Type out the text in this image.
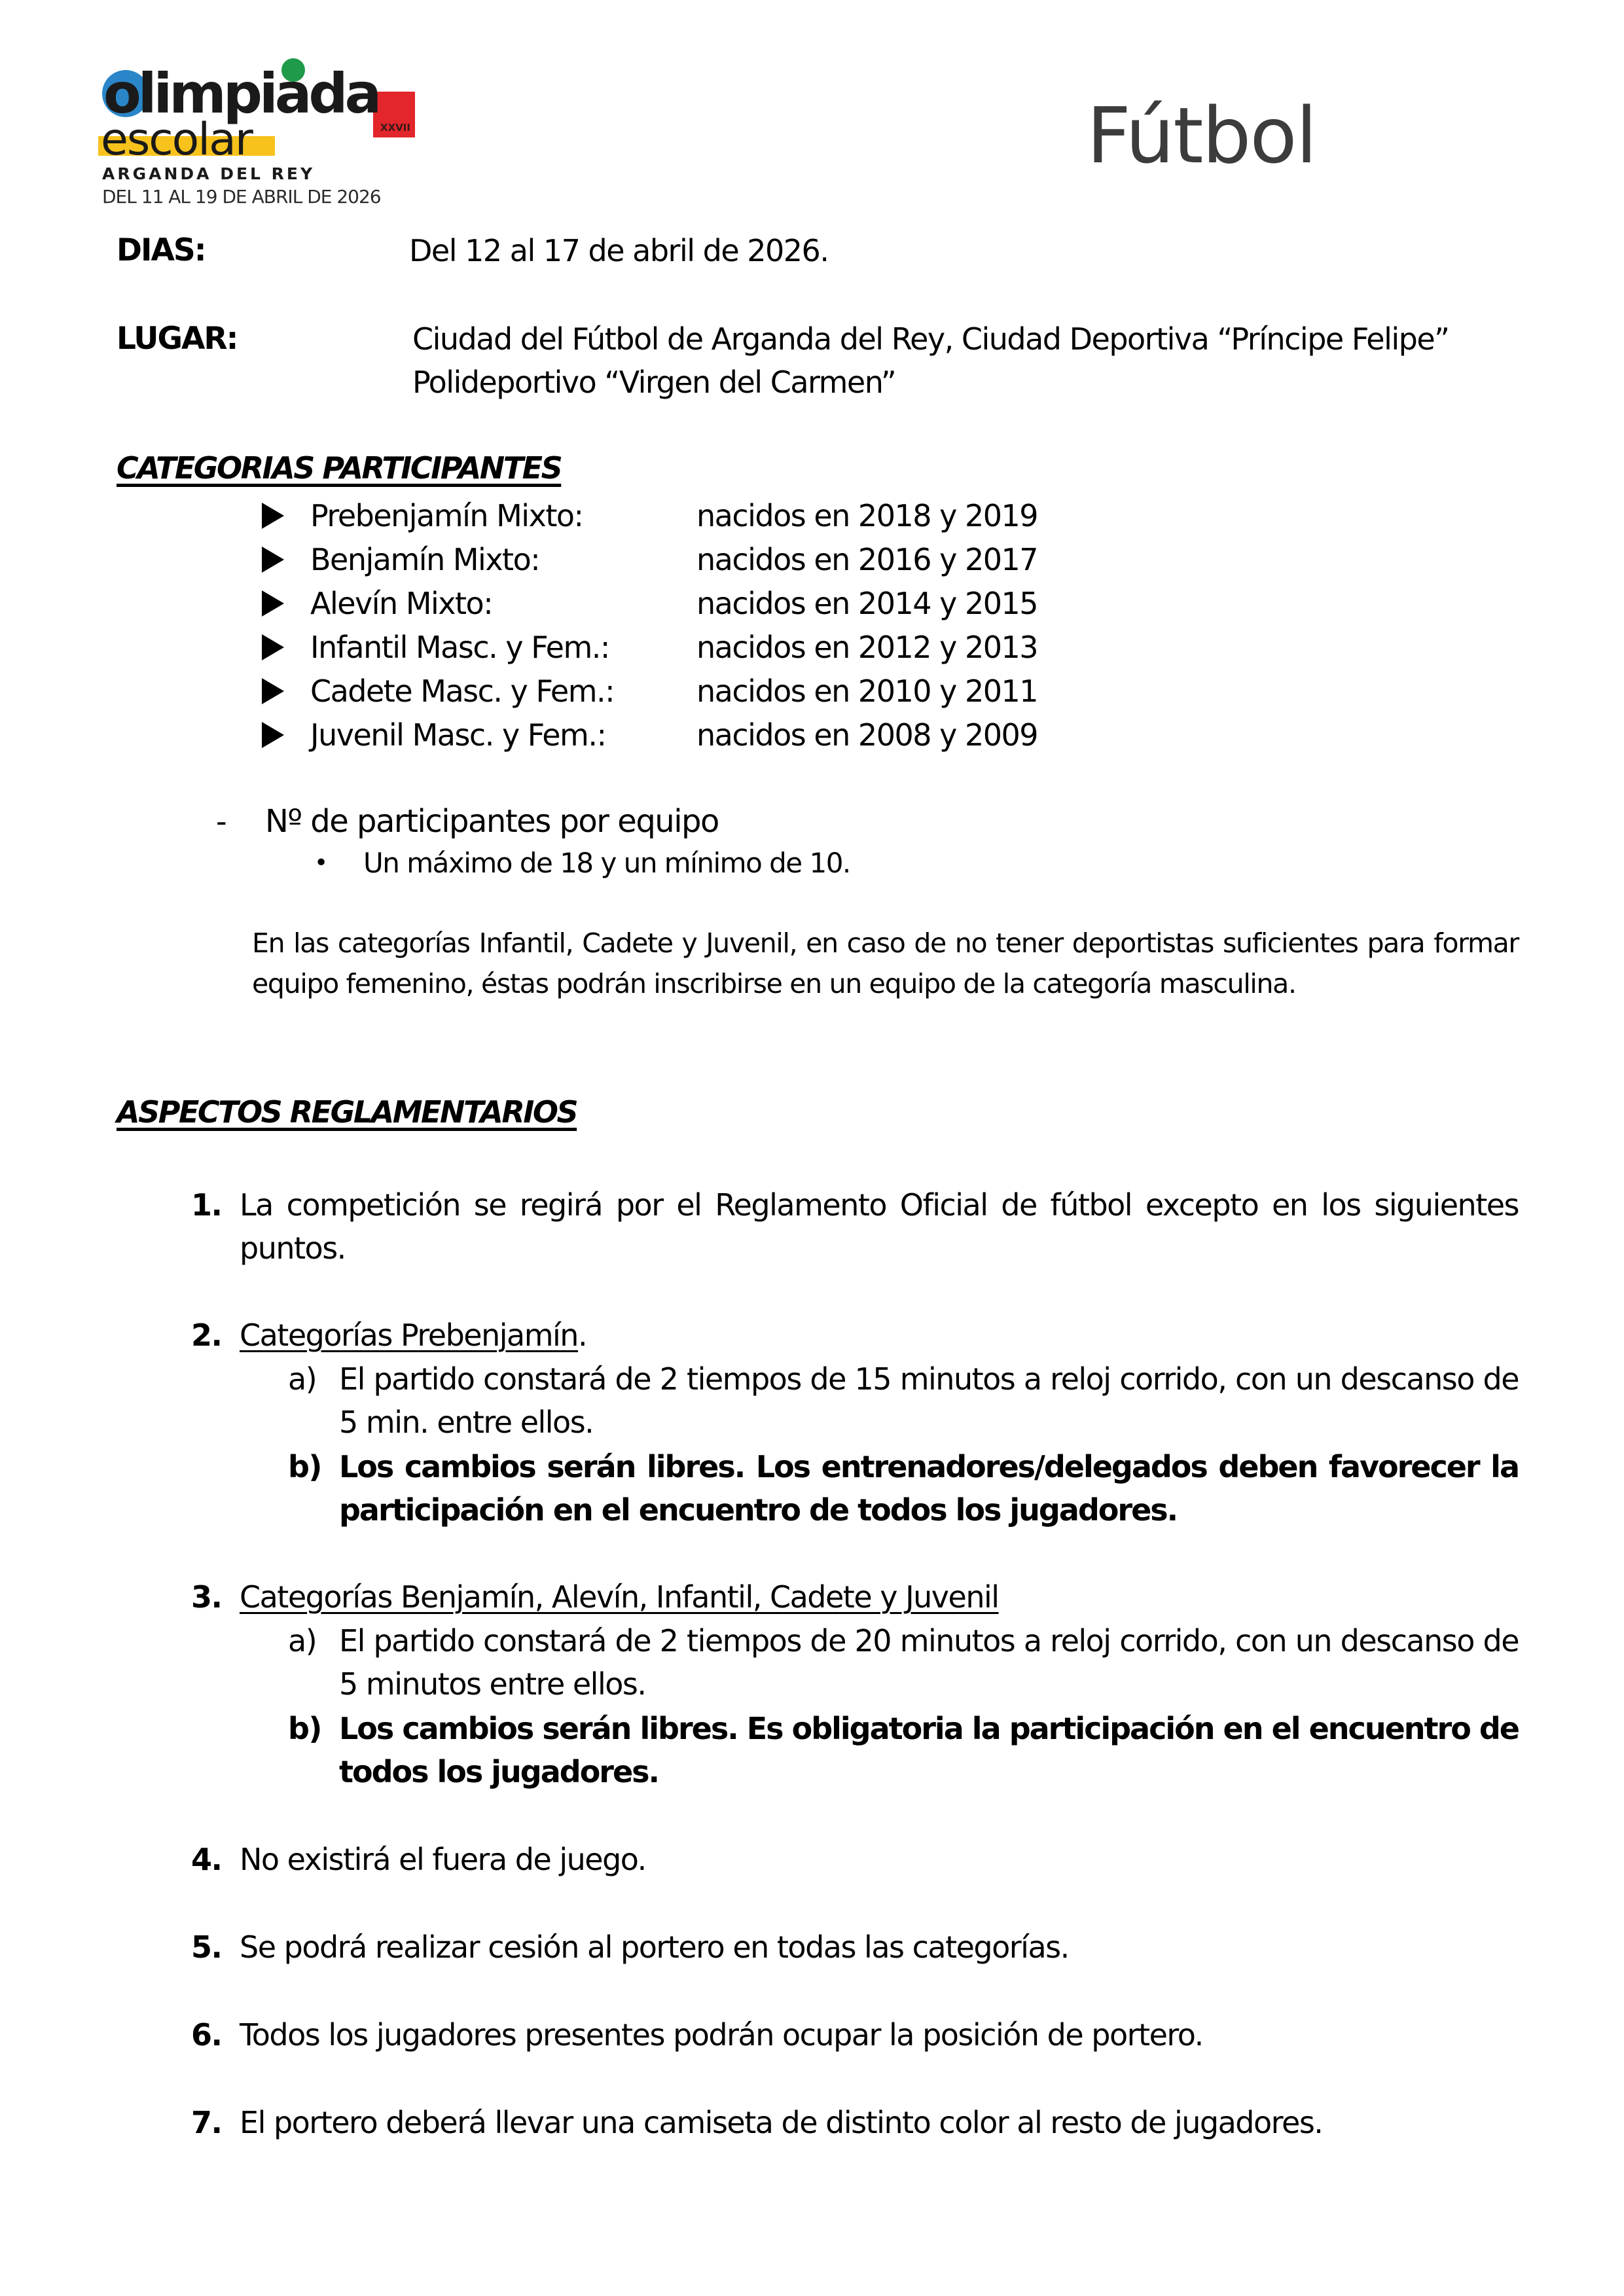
olimpiada
XXVII
escolar
ARGANDA DEL REY
DEL 11 AL 19 DE ABRIL DE 2026
Fútbol
DIAS:	Del 12 al 17 de abril de 2026.
LUGAR:	Ciudad del Fútbol de Arganda del Rey, Ciudad Deportiva “Príncipe Felipe”
Polideportivo “Virgen del Carmen”
CATEGORIAS PARTICIPANTES
Prebenjamín Mixto:	nacidos en 2018 y 2019
Benjamín Mixto:	nacidos en 2016 y 2017
Alevín Mixto:	nacidos en 2014 y 2015
Infantil Masc. y Fem.:	nacidos en 2012 y 2013
Cadete Masc. y Fem.:	nacidos en 2010 y 2011
Juvenil Masc. y Fem.:	nacidos en 2008 y 2009
- Nº de participantes por equipo
• Un máximo de 18 y un mínimo de 10.
En las categorías Infantil, Cadete y Juvenil, en caso de no tener deportistas suficientes para formar equipo femenino, éstas podrán inscribirse en un equipo de la categoría masculina.
ASPECTOS REGLAMENTARIOS
1. La competición se regirá por el Reglamento Oficial de fútbol excepto en los siguientes puntos.
2. Categorías Prebenjamín.
a) El partido constará de 2 tiempos de 15 minutos a reloj corrido, con un descanso de 5 min. entre ellos.
b) Los cambios serán libres. Los entrenadores/delegados deben favorecer la participación en el encuentro de todos los jugadores.
3. Categorías Benjamín, Alevín, Infantil, Cadete y Juvenil
a) El partido constará de 2 tiempos de 20 minutos a reloj corrido, con un descanso de 5 minutos entre ellos.
b) Los cambios serán libres. Es obligatoria la participación en el encuentro de todos los jugadores.
4. No existirá el fuera de juego.
5. Se podrá realizar cesión al portero en todas las categorías.
6. Todos los jugadores presentes podrán ocupar la posición de portero.
7. El portero deberá llevar una camiseta de distinto color al resto de jugadores.
